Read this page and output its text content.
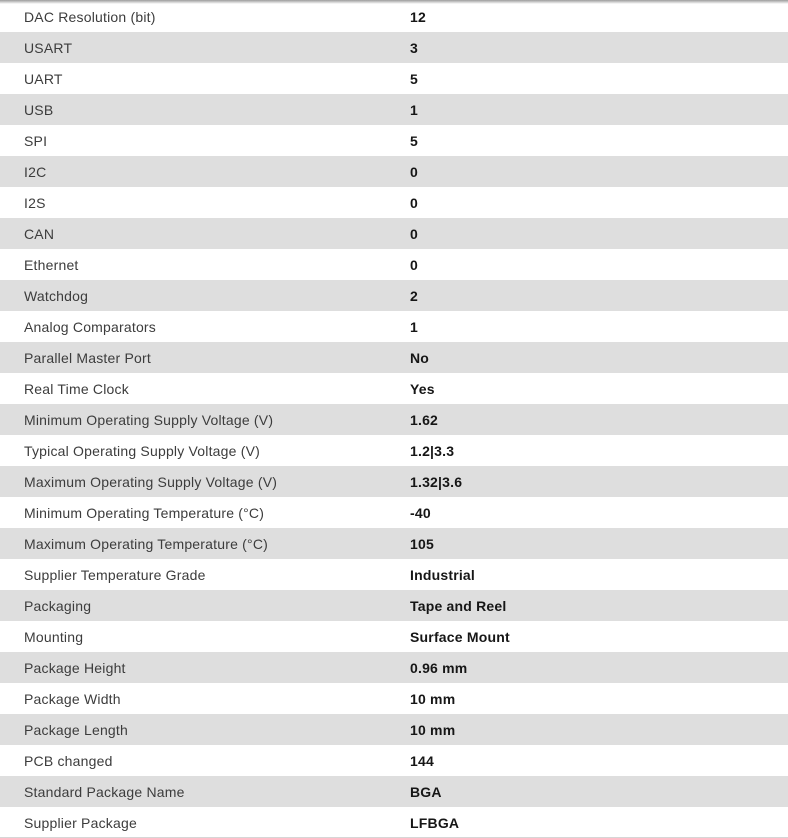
DAC Resolution (bit)	12
USART	3
UART	5
USB	1
SPI	5
I2C	0
I2S	0
CAN	0
Ethernet	0
Watchdog	2
Analog Comparators	1
Parallel Master Port	No
Real Time Clock	Yes
Minimum Operating Supply Voltage (V)	1.62
Typical Operating Supply Voltage (V)	1.2|3.3
Maximum Operating Supply Voltage (V)	1.32|3.6
Minimum Operating Temperature (°C)	-40
Maximum Operating Temperature (°C)	105
Supplier Temperature Grade	Industrial
Packaging	Tape and Reel
Mounting	Surface Mount
Package Height	0.96 mm
Package Width	10 mm
Package Length	10 mm
PCB changed	144
Standard Package Name	BGA
Supplier Package	LFBGA
